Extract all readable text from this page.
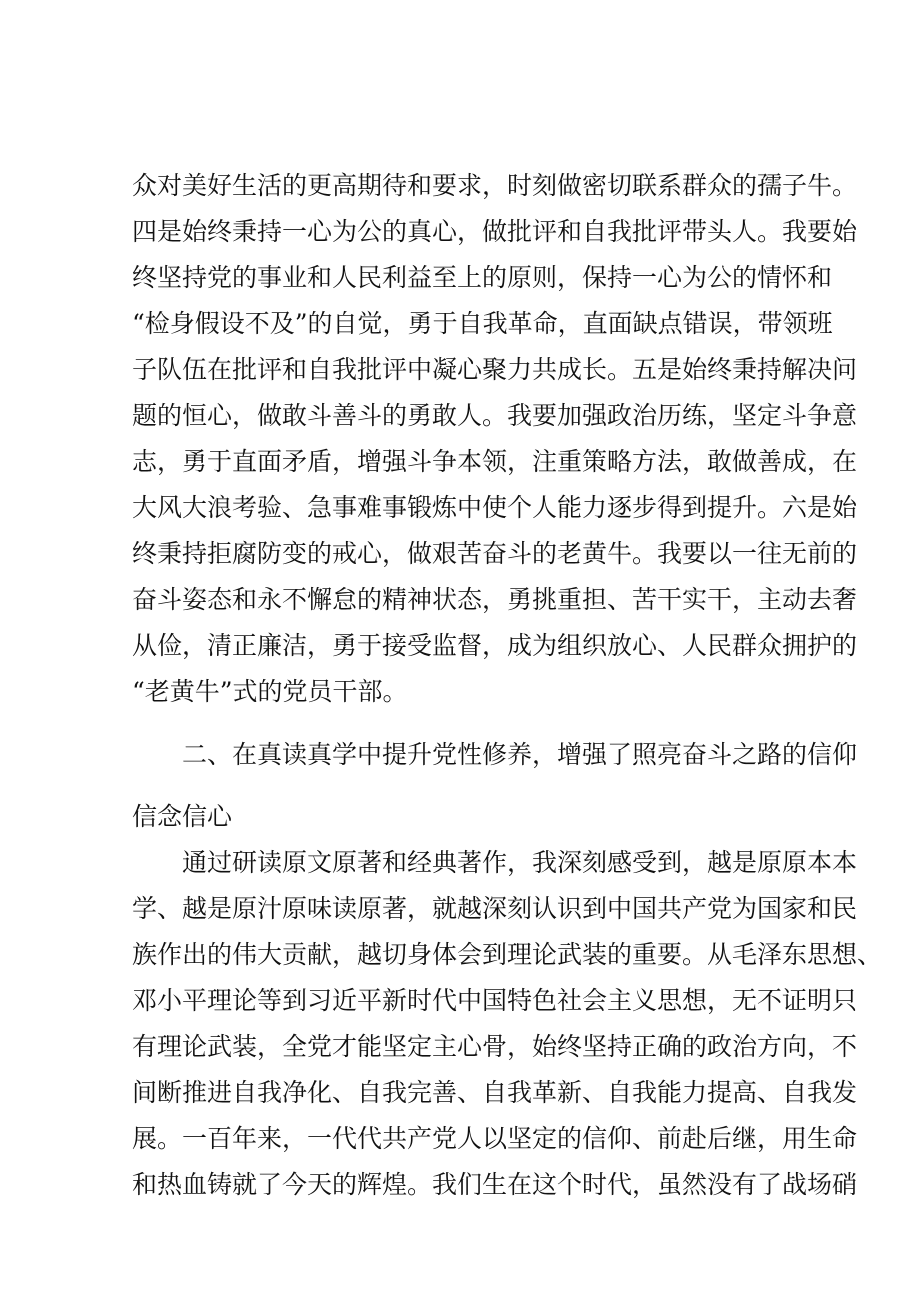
众对美好生活的更高期待和要求，时刻做密切联系群众的孺子牛。
四是始终秉持一心为公的真心，做批评和自我批评带头人。我要始
终坚持党的事业和人民利益至上的原则，保持一心为公的情怀和
“检身假设不及”的自觉，勇于自我革命，直面缺点错误，带领班
子队伍在批评和自我批评中凝心聚力共成长。五是始终秉持解决问
题的恒心，做敢斗善斗的勇敢人。我要加强政治历练，坚定斗争意
志，勇于直面矛盾，增强斗争本领，注重策略方法，敢做善成，在
大风大浪考验、急事难事锻炼中使个人能力逐步得到提升。六是始
终秉持拒腐防变的戒心，做艰苦奋斗的老黄牛。我要以一往无前的
奋斗姿态和永不懈怠的精神状态，勇挑重担、苦干实干，主动去奢
从俭，清正廉洁，勇于接受监督，成为组织放心、人民群众拥护的
“老黄牛”式的党员干部。
二、在真读真学中提升党性修养，增强了照亮奋斗之路的信仰
信念信心
通过研读原文原著和经典著作，我深刻感受到，越是原原本本
学、越是原汁原味读原著，就越深刻认识到中国共产党为国家和民
族作出的伟大贡献，越切身体会到理论武装的重要。从毛泽东思想、
邓小平理论等到习近平新时代中国特色社会主义思想，无不证明只
有理论武装，全党才能坚定主心骨，始终坚持正确的政治方向，不
间断推进自我净化、自我完善、自我革新、自我能力提高、自我发
展。一百年来，一代代共产党人以坚定的信仰、前赴后继，用生命
和热血铸就了今天的辉煌。我们生在这个时代，虽然没有了战场硝
